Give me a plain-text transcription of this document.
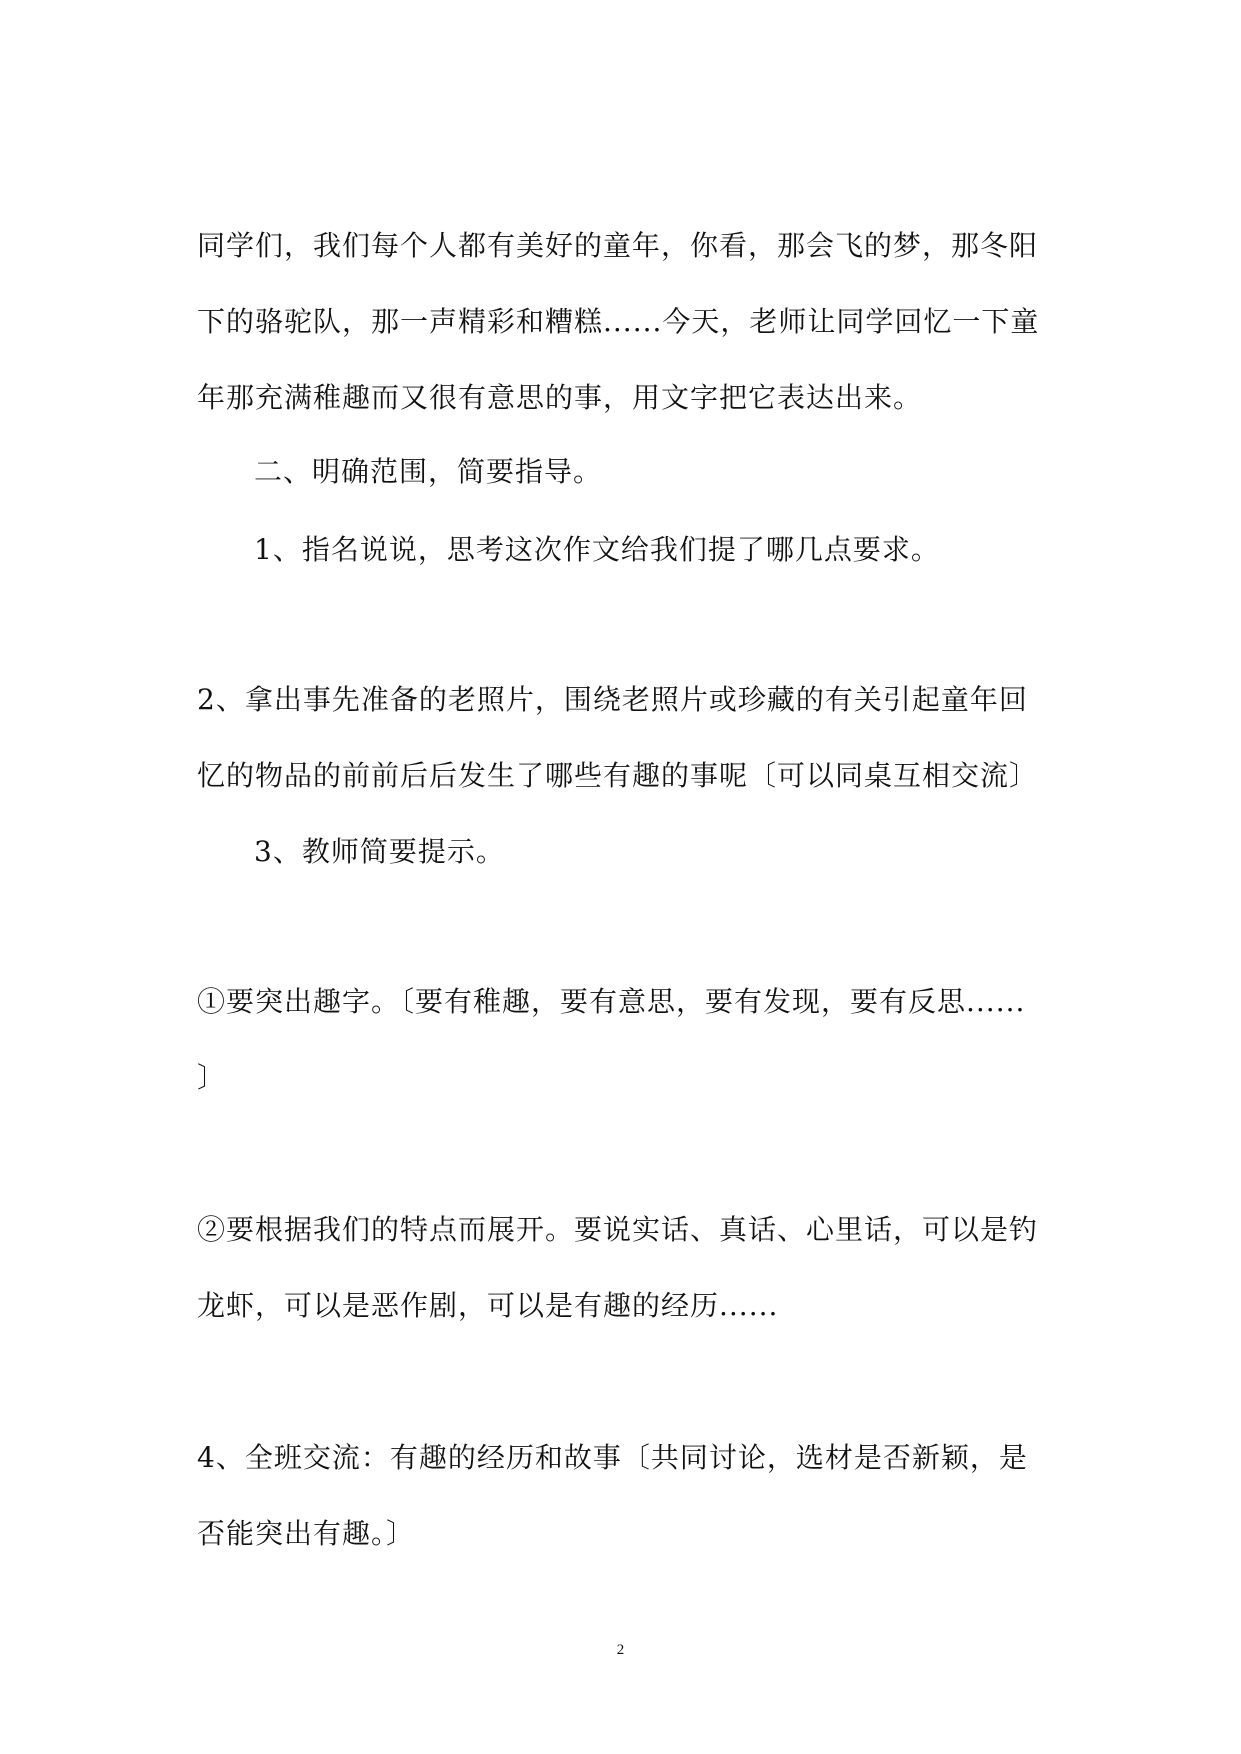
同学们，我们每个人都有美好的童年，你看，那会飞的梦，那冬阳
下的骆驼队，那一声精彩和糟糕......今天，老师让同学回忆一下童
年那充满稚趣而又很有意思的事，用文字把它表达出来。
二、明确范围，简要指导。
1、指名说说，思考这次作文给我们提了哪几点要求。
2、拿出事先准备的老照片，围绕老照片或珍藏的有关引起童年回
忆的物品的前前后后发生了哪些有趣的事呢〔可以同桌互相交流〕
3、教师简要提示。
①要突出趣字。〔要有稚趣，要有意思，要有发现，要有反思......
〕
②要根据我们的特点而展开。要说实话、真话、心里话，可以是钓
龙虾，可以是恶作剧，可以是有趣的经历......
4、全班交流：有趣的经历和故事〔共同讨论，选材是否新颖，是
否能突出有趣。〕
2
